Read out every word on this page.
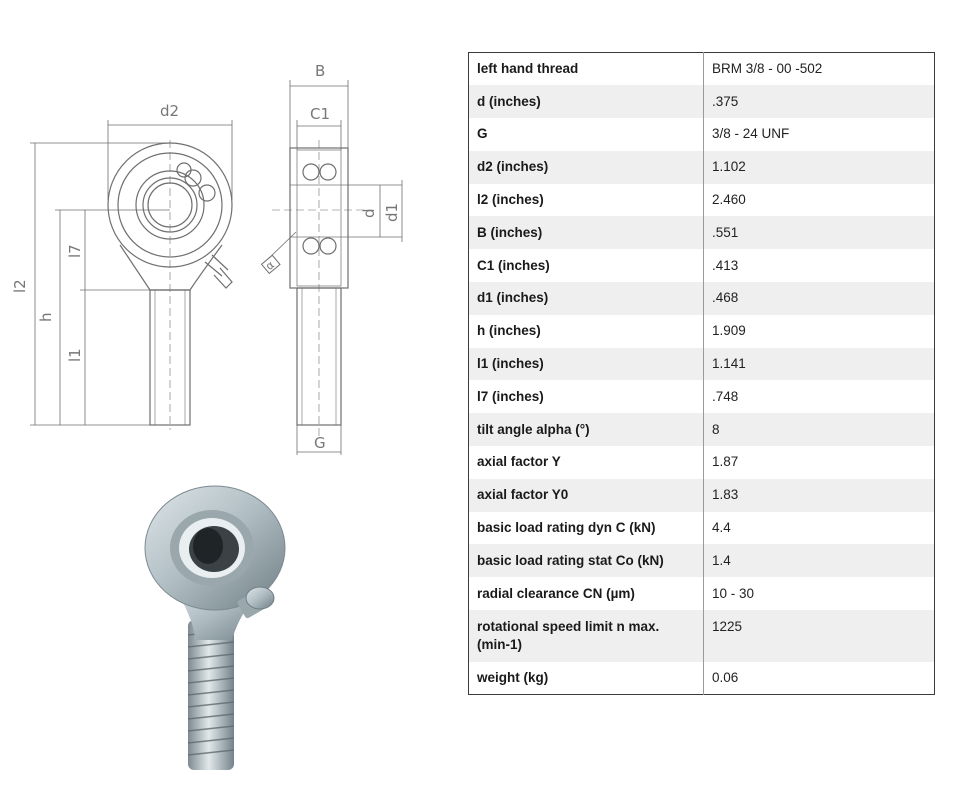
d2
B
C1
d d1
l2
h
l7
l1
G
α
left hand thread	BRM 3/8 - 00 -502
d (inches)	.375
G	3/8 - 24 UNF
d2 (inches)	1.102
l2 (inches)	2.460
B (inches)	.551
C1 (inches)	.413
d1 (inches)	.468
h (inches)	1.909
l1 (inches)	1.141
l7 (inches)	.748
tilt angle alpha (°)	8
axial factor Y	1.87
axial factor Y0	1.83
basic load rating dyn C (kN)	4.4
basic load rating stat Co (kN)	1.4
radial clearance CN (µm)	10 - 30
rotational speed limit n max. (min-1)	1225
weight (kg)	0.06
